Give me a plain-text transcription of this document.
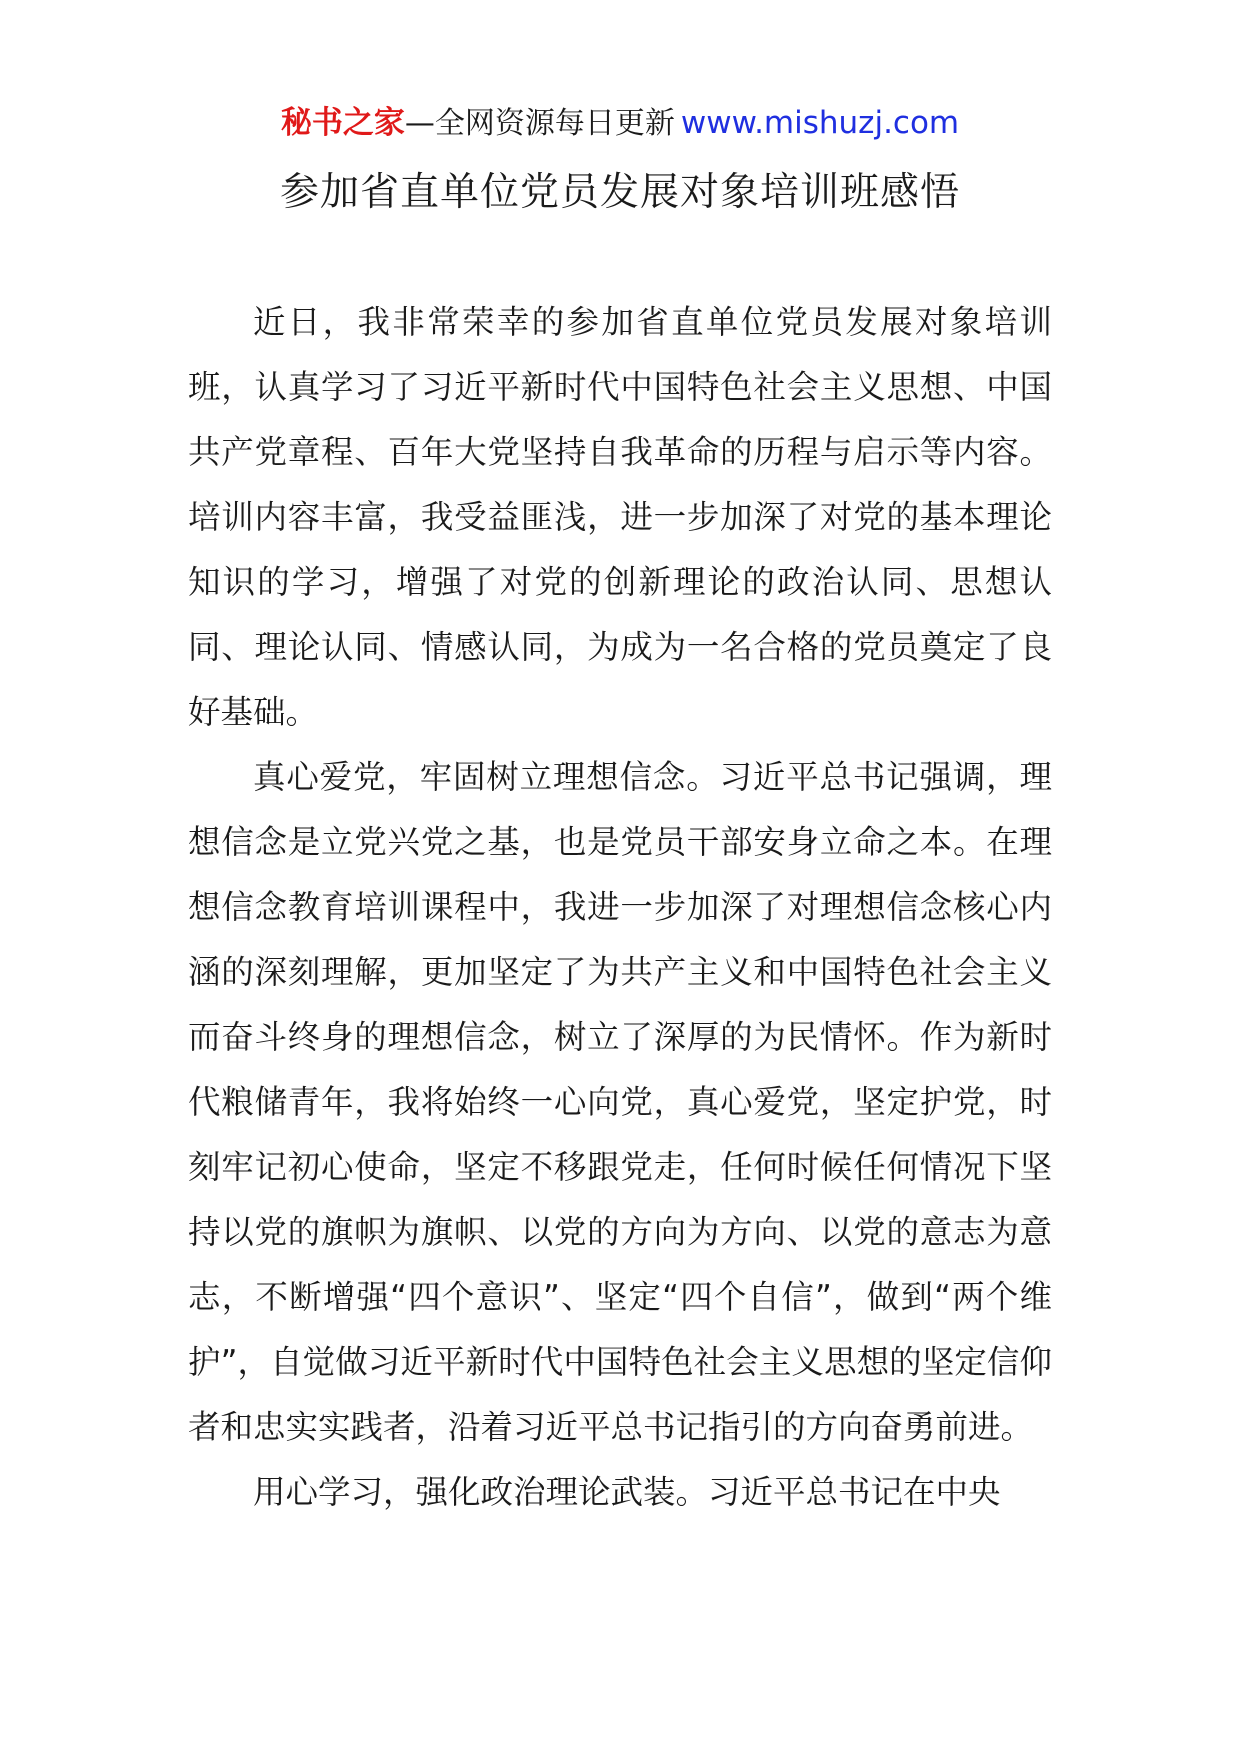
秘书之家—全网资源每日更新 www.mishuzj.com
参加省直单位党员发展对象培训班感悟

近日，我非常荣幸的参加省直单位党员发展对象培训班，认真学习了习近平新时代中国特色社会主义思想、中国共产党章程、百年大党坚持自我革命的历程与启示等内容。培训内容丰富，我受益匪浅，进一步加深了对党的基本理论知识的学习，增强了对党的创新理论的政治认同、思想认同、理论认同、情感认同，为成为一名合格的党员奠定了良好基础。

真心爱党，牢固树立理想信念。习近平总书记强调，理想信念是立党兴党之基，也是党员干部安身立命之本。在理想信念教育培训课程中，我进一步加深了对理想信念核心内涵的深刻理解，更加坚定了为共产主义和中国特色社会主义而奋斗终身的理想信念，树立了深厚的为民情怀。作为新时代粮储青年，我将始终一心向党，真心爱党，坚定护党，时刻牢记初心使命，坚定不移跟党走，任何时候任何情况下坚持以党的旗帜为旗帜、以党的方向为方向、以党的意志为意志，不断增强“四个意识”、坚定“四个自信”，做到“两个维护”，自觉做习近平新时代中国特色社会主义思想的坚定信仰者和忠实实践者，沿着习近平总书记指引的方向奋勇前进。

用心学习，强化政治理论武装。习近平总书记在中央
